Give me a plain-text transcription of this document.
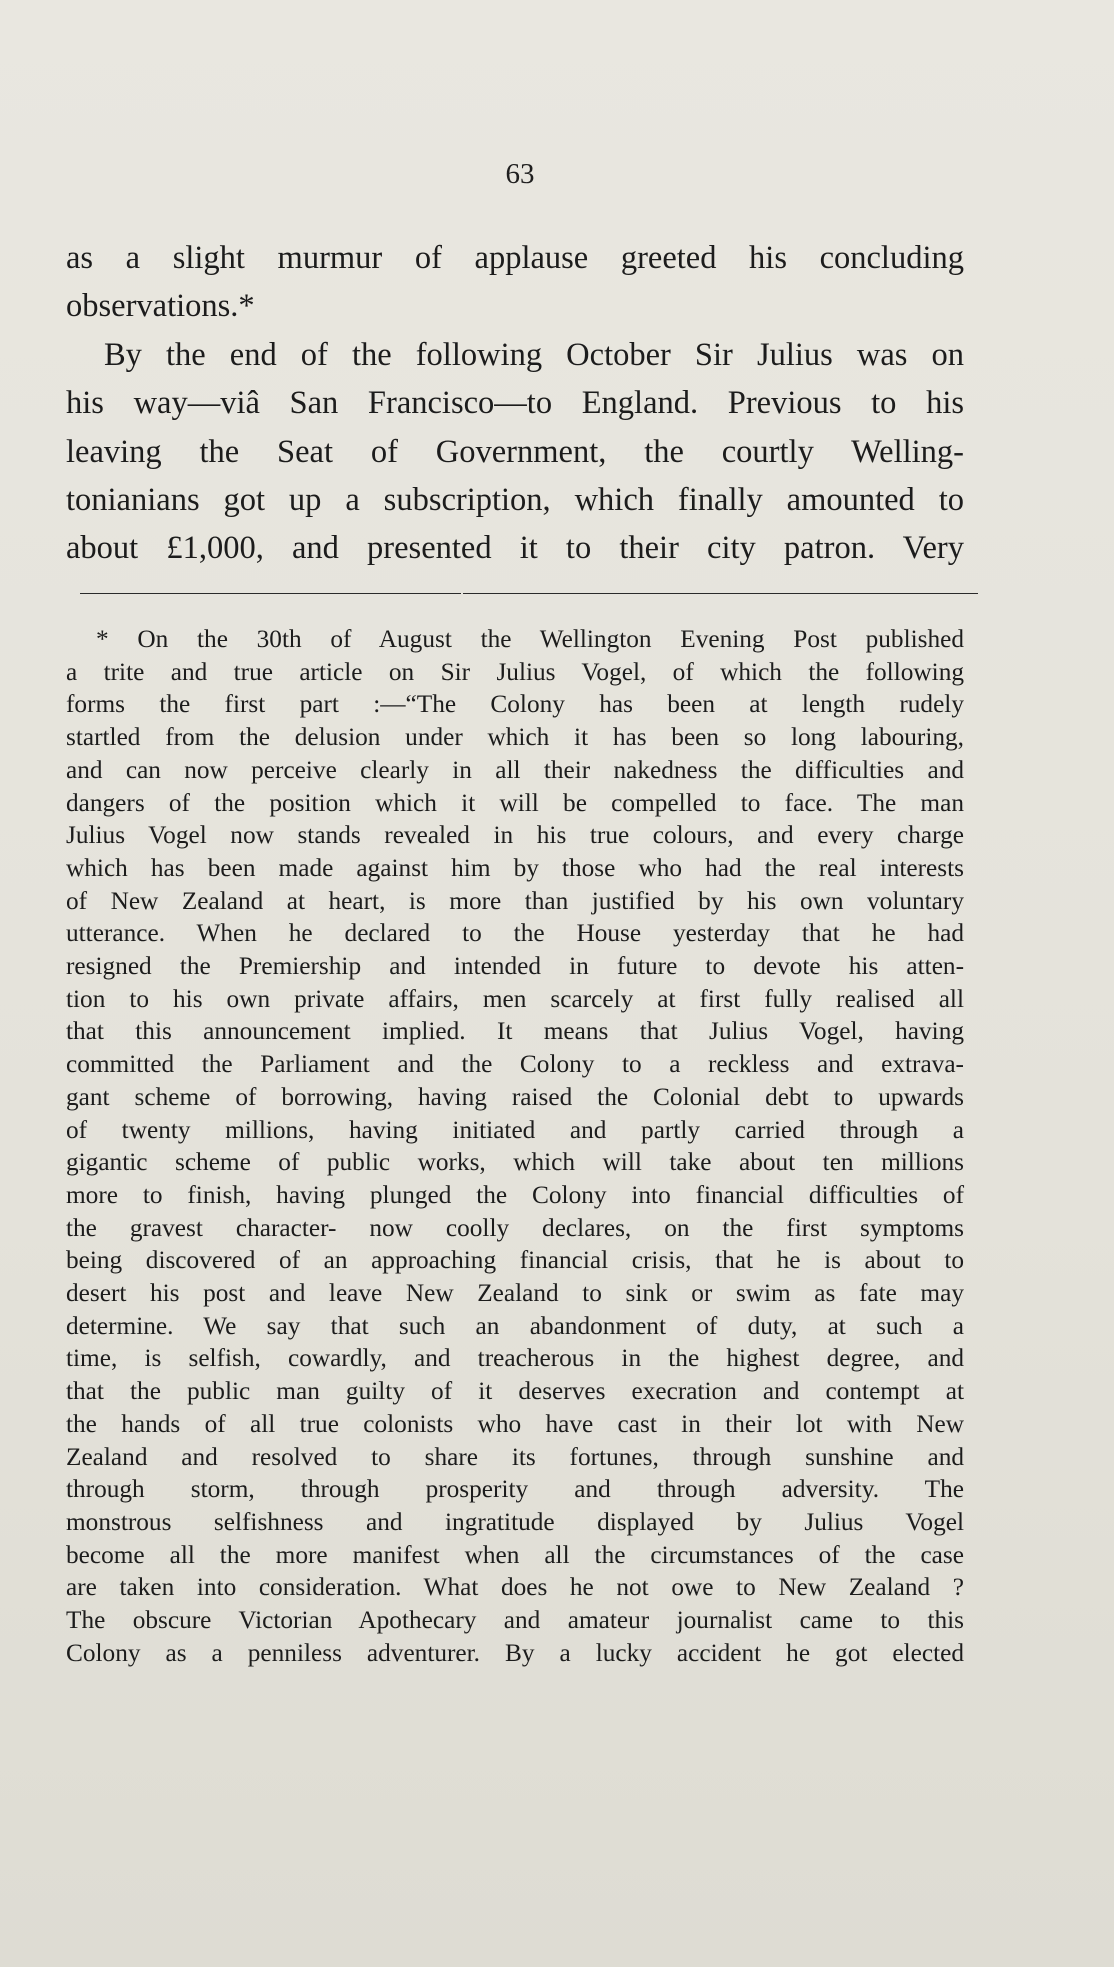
63
as a slight murmur of applause greeted his concluding
observations.*
By the end of the following October Sir Julius was on
his way—viâ San Francisco—to England. Previous to his
leaving the Seat of Government, the courtly Welling-
tonianians got up a subscription, which finally amounted to
about £1,000, and presented it to their city patron. Very
* On the 30th of August the Wellington Evening Post published
a trite and true article on Sir Julius Vogel, of which the following
forms the first part :—“The Colony has been at length rudely
startled from the delusion under which it has been so long labouring,
and can now perceive clearly in all their nakedness the difficulties and
dangers of the position which it will be compelled to face. The man
Julius Vogel now stands revealed in his true colours, and every charge
which has been made against him by those who had the real interests
of New Zealand at heart, is more than justified by his own voluntary
utterance. When he declared to the House yesterday that he had
resigned the Premiership and intended in future to devote his atten-
tion to his own private affairs, men scarcely at first fully realised all
that this announcement implied. It means that Julius Vogel, having
committed the Parliament and the Colony to a reckless and extrava-
gant scheme of borrowing, having raised the Colonial debt to upwards
of twenty millions, having initiated and partly carried through a
gigantic scheme of public works, which will take about ten millions
more to finish, having plunged the Colony into financial difficulties of
the gravest character- now coolly declares, on the first symptoms
being discovered of an approaching financial crisis, that he is about to
desert his post and leave New Zealand to sink or swim as fate may
determine. We say that such an abandonment of duty, at such a
time, is selfish, cowardly, and treacherous in the highest degree, and
that the public man guilty of it deserves execration and contempt at
the hands of all true colonists who have cast in their lot with New
Zealand and resolved to share its fortunes, through sunshine and
through storm, through prosperity and through adversity. The
monstrous selfishness and ingratitude displayed by Julius Vogel
become all the more manifest when all the circumstances of the case
are taken into consideration. What does he not owe to New Zealand ?
The obscure Victorian Apothecary and amateur journalist came to this
Colony as a penniless adventurer. By a lucky accident he got elected
